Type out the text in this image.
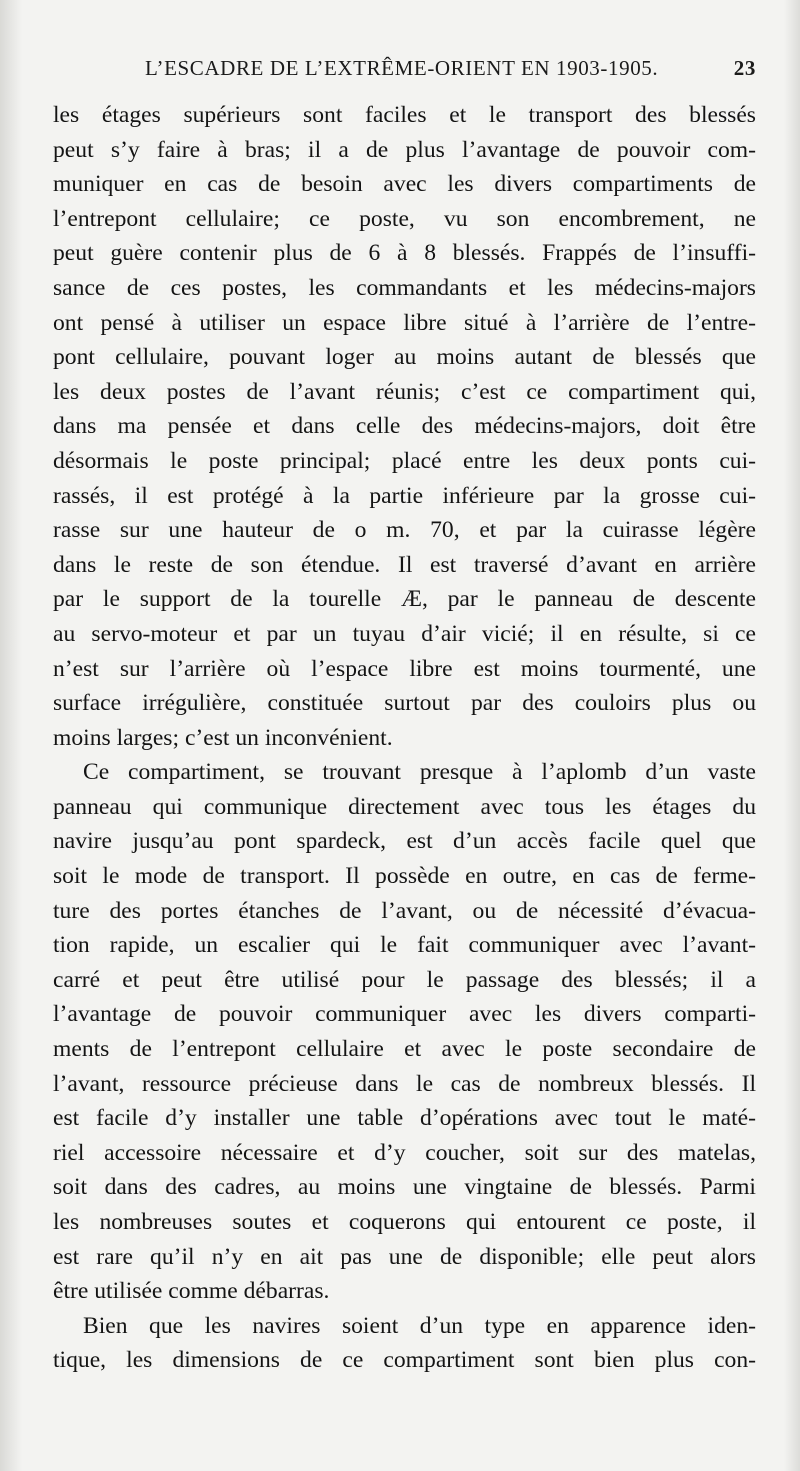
L’ESCADRE DE L’EXTRÊME-ORIENT EN 1903-1905.	23
les étages supérieurs sont faciles et le transport des blessés
peut s’y faire à bras; il a de plus l’avantage de pouvoir com-
muniquer en cas de besoin avec les divers compartiments de
l’entrepont cellulaire; ce poste, vu son encombrement, ne
peut guère contenir plus de 6 à 8 blessés. Frappés de l’insuffi-
sance de ces postes, les commandants et les médecins-majors
ont pensé à utiliser un espace libre situé à l’arrière de l’entre-
pont cellulaire, pouvant loger au moins autant de blessés que
les deux postes de l’avant réunis; c’est ce compartiment qui,
dans ma pensée et dans celle des médecins-majors, doit être
désormais le poste principal; placé entre les deux ponts cui-
rassés, il est protégé à la partie inférieure par la grosse cui-
rasse sur une hauteur de o m. 70, et par la cuirasse légère
dans le reste de son étendue. Il est traversé d’avant en arrière
par le support de la tourelle Æ, par le panneau de descente
au servo-moteur et par un tuyau d’air vicié; il en résulte, si ce
n’est sur l’arrière où l’espace libre est moins tourmenté, une
surface irrégulière, constituée surtout par des couloirs plus ou
moins larges; c’est un inconvénient.
Ce compartiment, se trouvant presque à l’aplomb d’un vaste
panneau qui communique directement avec tous les étages du
navire jusqu’au pont spardeck, est d’un accès facile quel que
soit le mode de transport. Il possède en outre, en cas de ferme-
ture des portes étanches de l’avant, ou de nécessité d’évacua-
tion rapide, un escalier qui le fait communiquer avec l’avant-
carré et peut être utilisé pour le passage des blessés; il a
l’avantage de pouvoir communiquer avec les divers comparti-
ments de l’entrepont cellulaire et avec le poste secondaire de
l’avant, ressource précieuse dans le cas de nombreux blessés. Il
est facile d’y installer une table d’opérations avec tout le maté-
riel accessoire nécessaire et d’y coucher, soit sur des matelas,
soit dans des cadres, au moins une vingtaine de blessés. Parmi
les nombreuses soutes et coquerons qui entourent ce poste, il
est rare qu’il n’y en ait pas une de disponible; elle peut alors
être utilisée comme débarras.
Bien que les navires soient d’un type en apparence iden-
tique, les dimensions de ce compartiment sont bien plus con-
